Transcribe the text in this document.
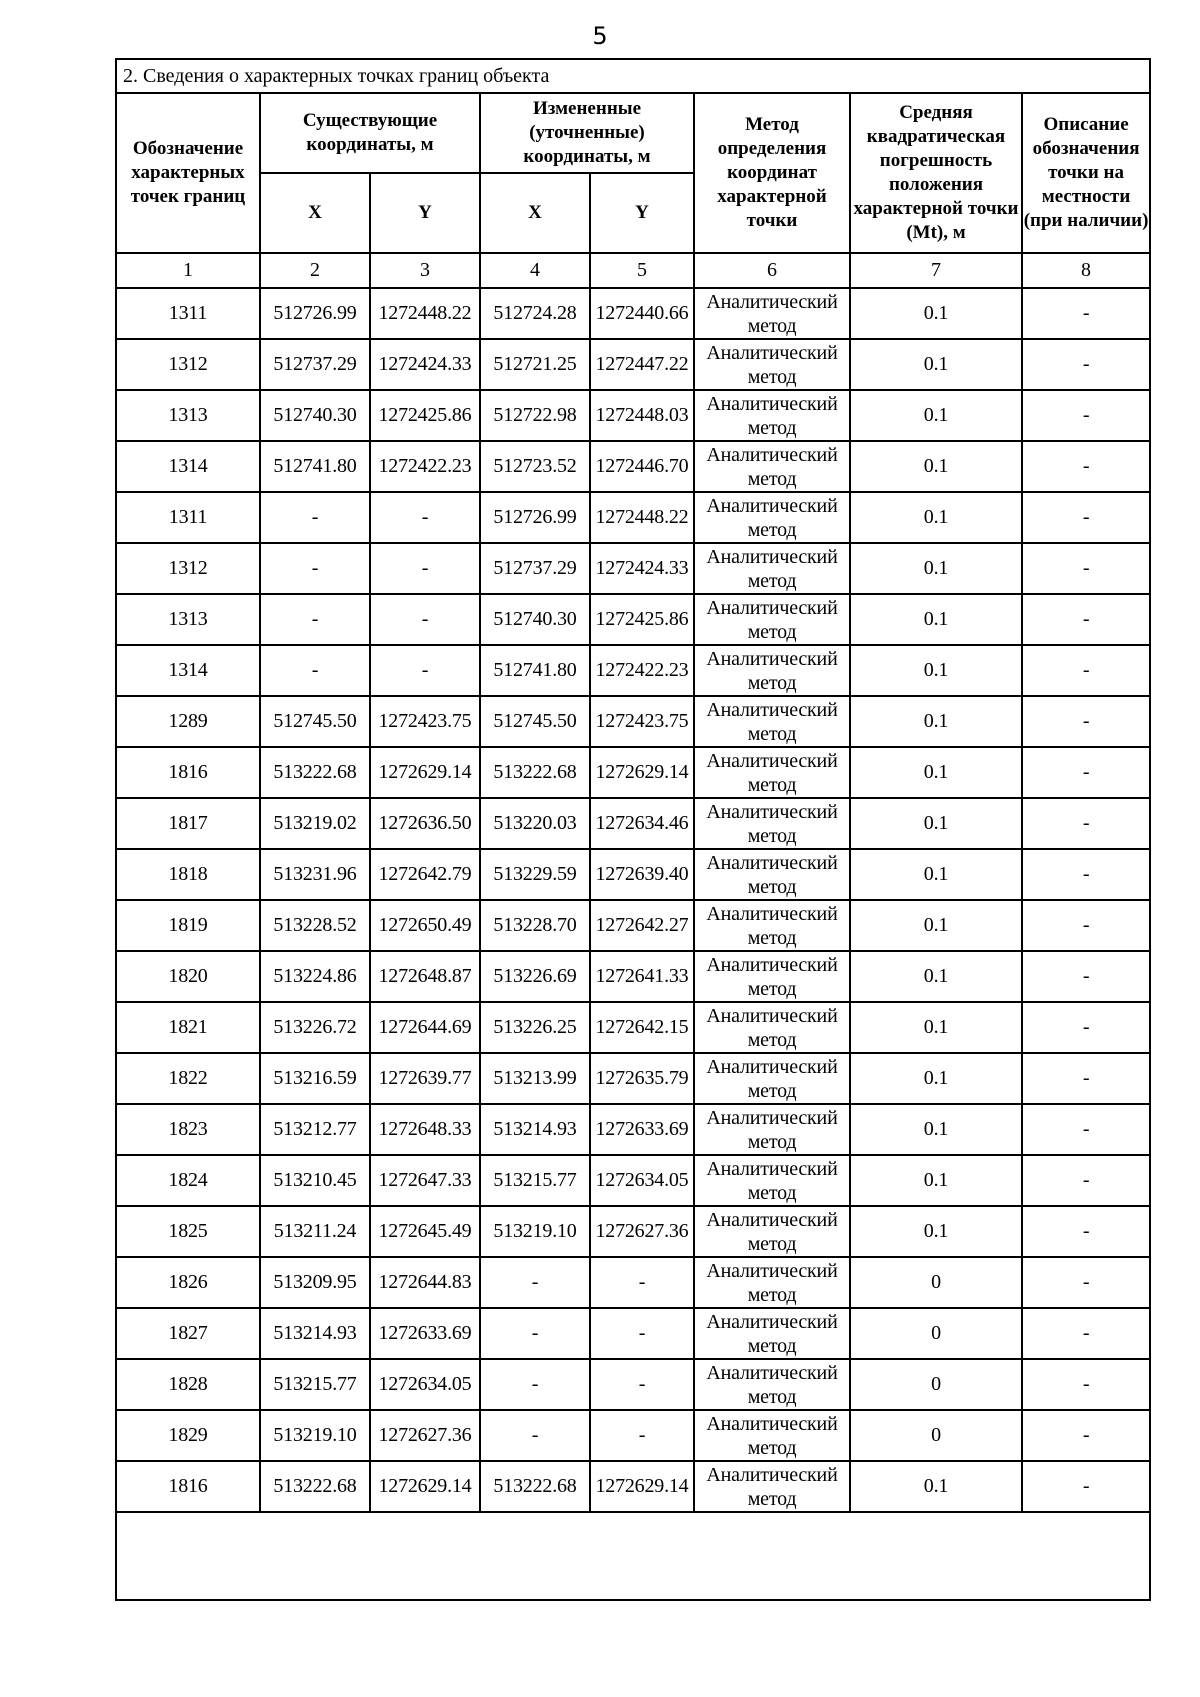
5
2. Сведения о характерных точках границ объекта							
Обозначение характерных точек границ	Существующие координаты, м		Измененные (уточненные) координаты, м		Метод определения координат характерной точки	Средняя квадратическая погрешность положения характерной точки (Mt), м	Описание обозначения точки на местности (при наличии)
	X	Y	X	Y			
1	2	3	4	5	6	7	8
1311	512726.99	1272448.22	512724.28	1272440.66	Аналитический метод	0.1	-
1312	512737.29	1272424.33	512721.25	1272447.22	Аналитический метод	0.1	-
1313	512740.30	1272425.86	512722.98	1272448.03	Аналитический метод	0.1	-
1314	512741.80	1272422.23	512723.52	1272446.70	Аналитический метод	0.1	-
1311	-	-	512726.99	1272448.22	Аналитический метод	0.1	-
1312	-	-	512737.29	1272424.33	Аналитический метод	0.1	-
1313	-	-	512740.30	1272425.86	Аналитический метод	0.1	-
1314	-	-	512741.80	1272422.23	Аналитический метод	0.1	-
1289	512745.50	1272423.75	512745.50	1272423.75	Аналитический метод	0.1	-
1816	513222.68	1272629.14	513222.68	1272629.14	Аналитический метод	0.1	-
1817	513219.02	1272636.50	513220.03	1272634.46	Аналитический метод	0.1	-
1818	513231.96	1272642.79	513229.59	1272639.40	Аналитический метод	0.1	-
1819	513228.52	1272650.49	513228.70	1272642.27	Аналитический метод	0.1	-
1820	513224.86	1272648.87	513226.69	1272641.33	Аналитический метод	0.1	-
1821	513226.72	1272644.69	513226.25	1272642.15	Аналитический метод	0.1	-
1822	513216.59	1272639.77	513213.99	1272635.79	Аналитический метод	0.1	-
1823	513212.77	1272648.33	513214.93	1272633.69	Аналитический метод	0.1	-
1824	513210.45	1272647.33	513215.77	1272634.05	Аналитический метод	0.1	-
1825	513211.24	1272645.49	513219.10	1272627.36	Аналитический метод	0.1	-
1826	513209.95	1272644.83	-	-	Аналитический метод	0	-
1827	513214.93	1272633.69	-	-	Аналитический метод	0	-
1828	513215.77	1272634.05	-	-	Аналитический метод	0	-
1829	513219.10	1272627.36	-	-	Аналитический метод	0	-
1816	513222.68	1272629.14	513222.68	1272629.14	Аналитический метод	0.1	-
